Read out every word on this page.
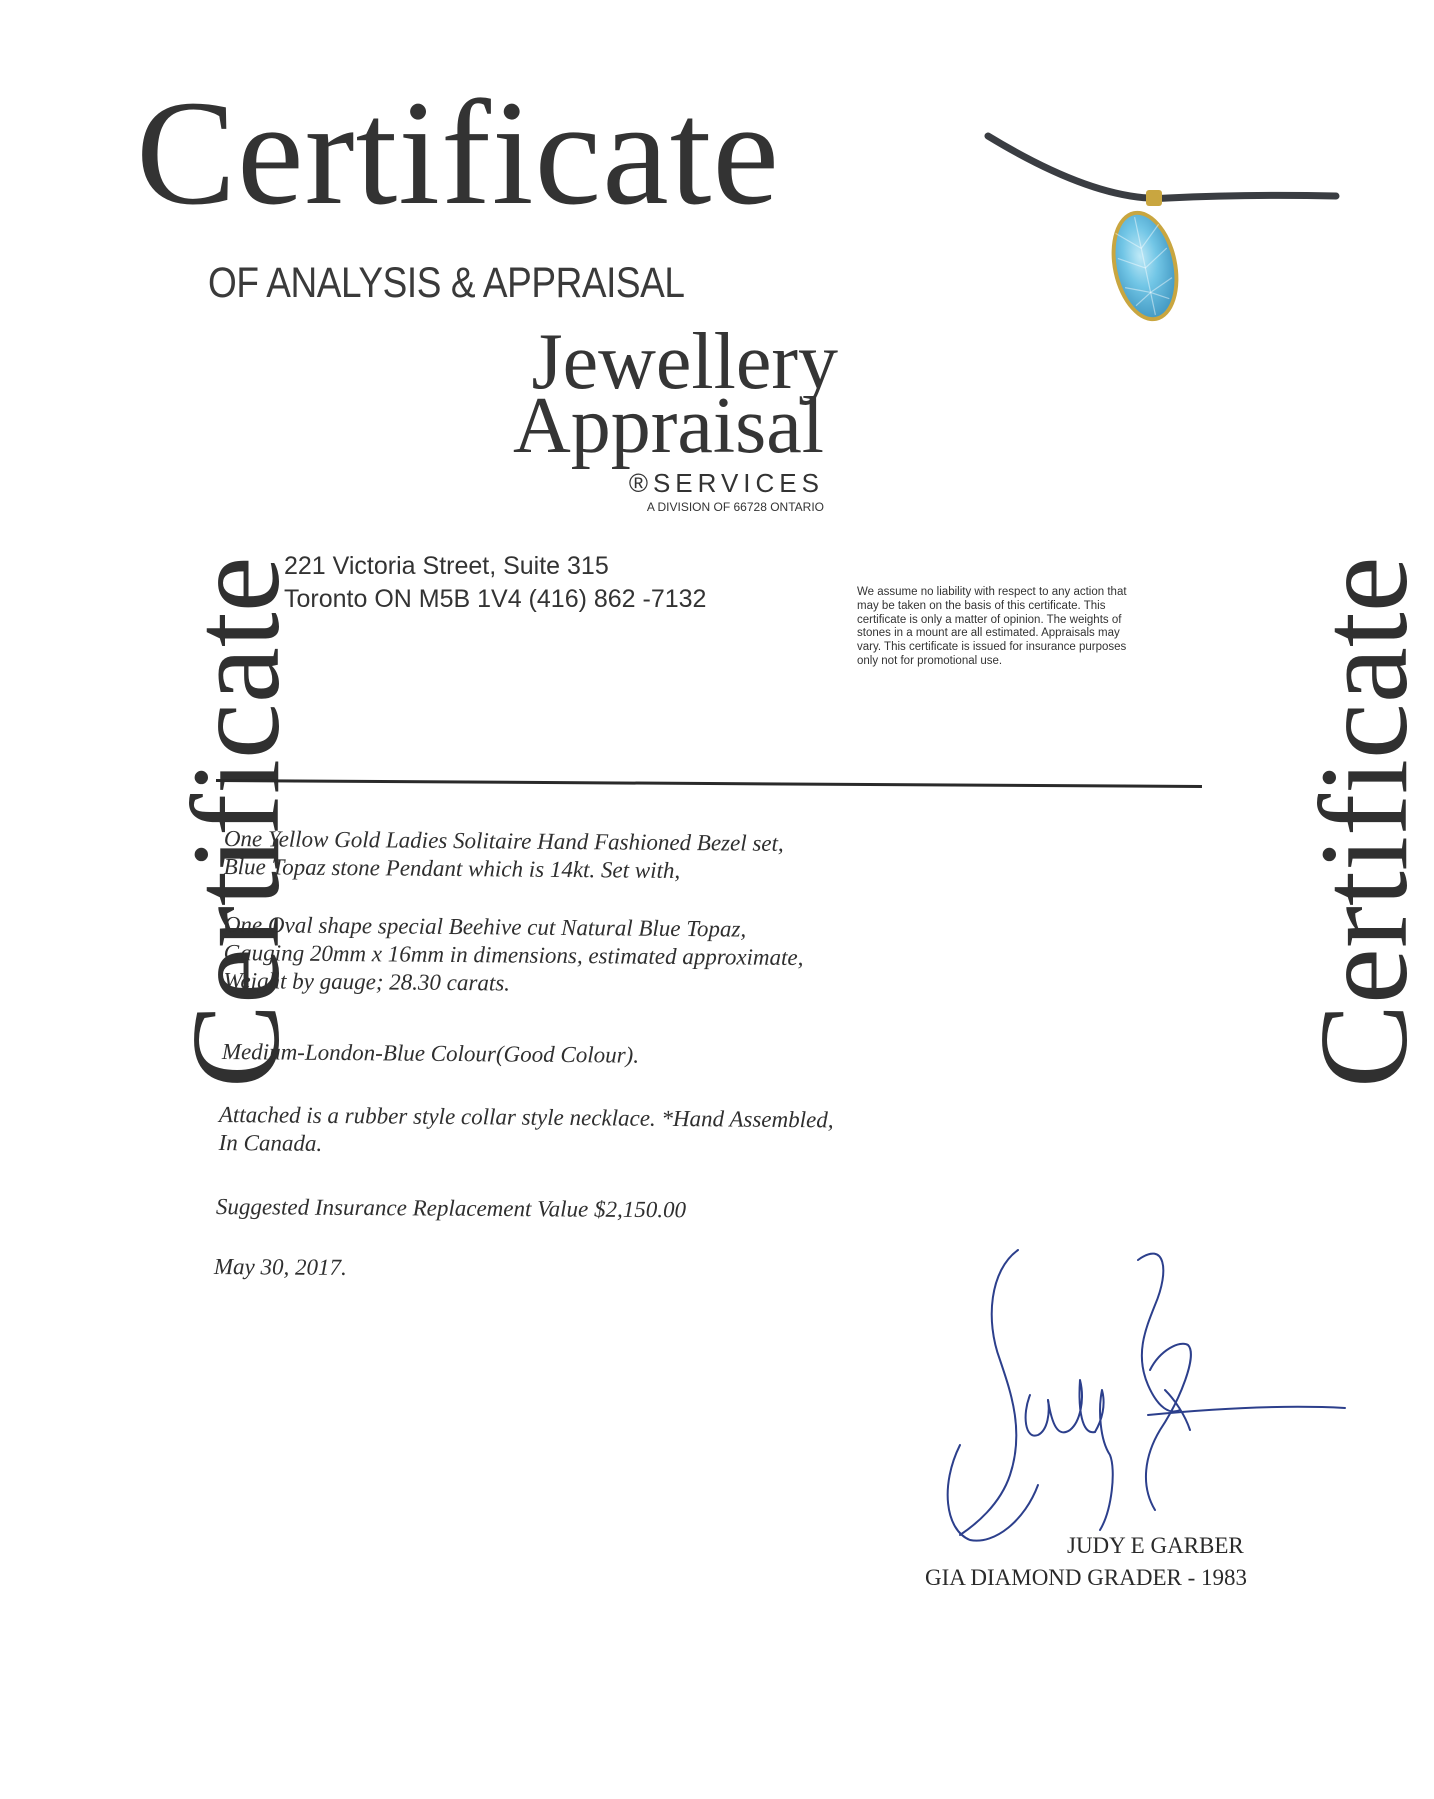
Certificate
Certificate	Certificate
OF ANALYSIS & APPRAISAL
Jewellery
Appraisal
®SERVICES
A DIVISION OF 66728 ONTARIO
221 Victoria Street, Suite 315
Toronto ON M5B 1V4 (416) 862 -7132	We assume no liability with respect to any action that may be taken on the basis of this certificate. This certificate is only a matter of opinion. The weights of stones in a mount are all estimated. Appraisals may vary. This certificate is issued for insurance purposes only not for promotional use.
One Yellow Gold Ladies Solitaire Hand Fashioned Bezel set,
Blue Topaz stone Pendant which is 14kt. Set with,
One Oval shape special Beehive cut Natural Blue Topaz,
Gauging 20mm x 16mm in dimensions, estimated approximate,
Weight by gauge; 28.30 carats.
Medium-London-Blue Colour(Good Colour).
Attached is a rubber style collar style necklace. *Hand Assembled,
In Canada.
Suggested Insurance Replacement Value $2,150.00
May 30, 2017.
JUDY E GARBER
GIA DIAMOND GRADER - 1983
